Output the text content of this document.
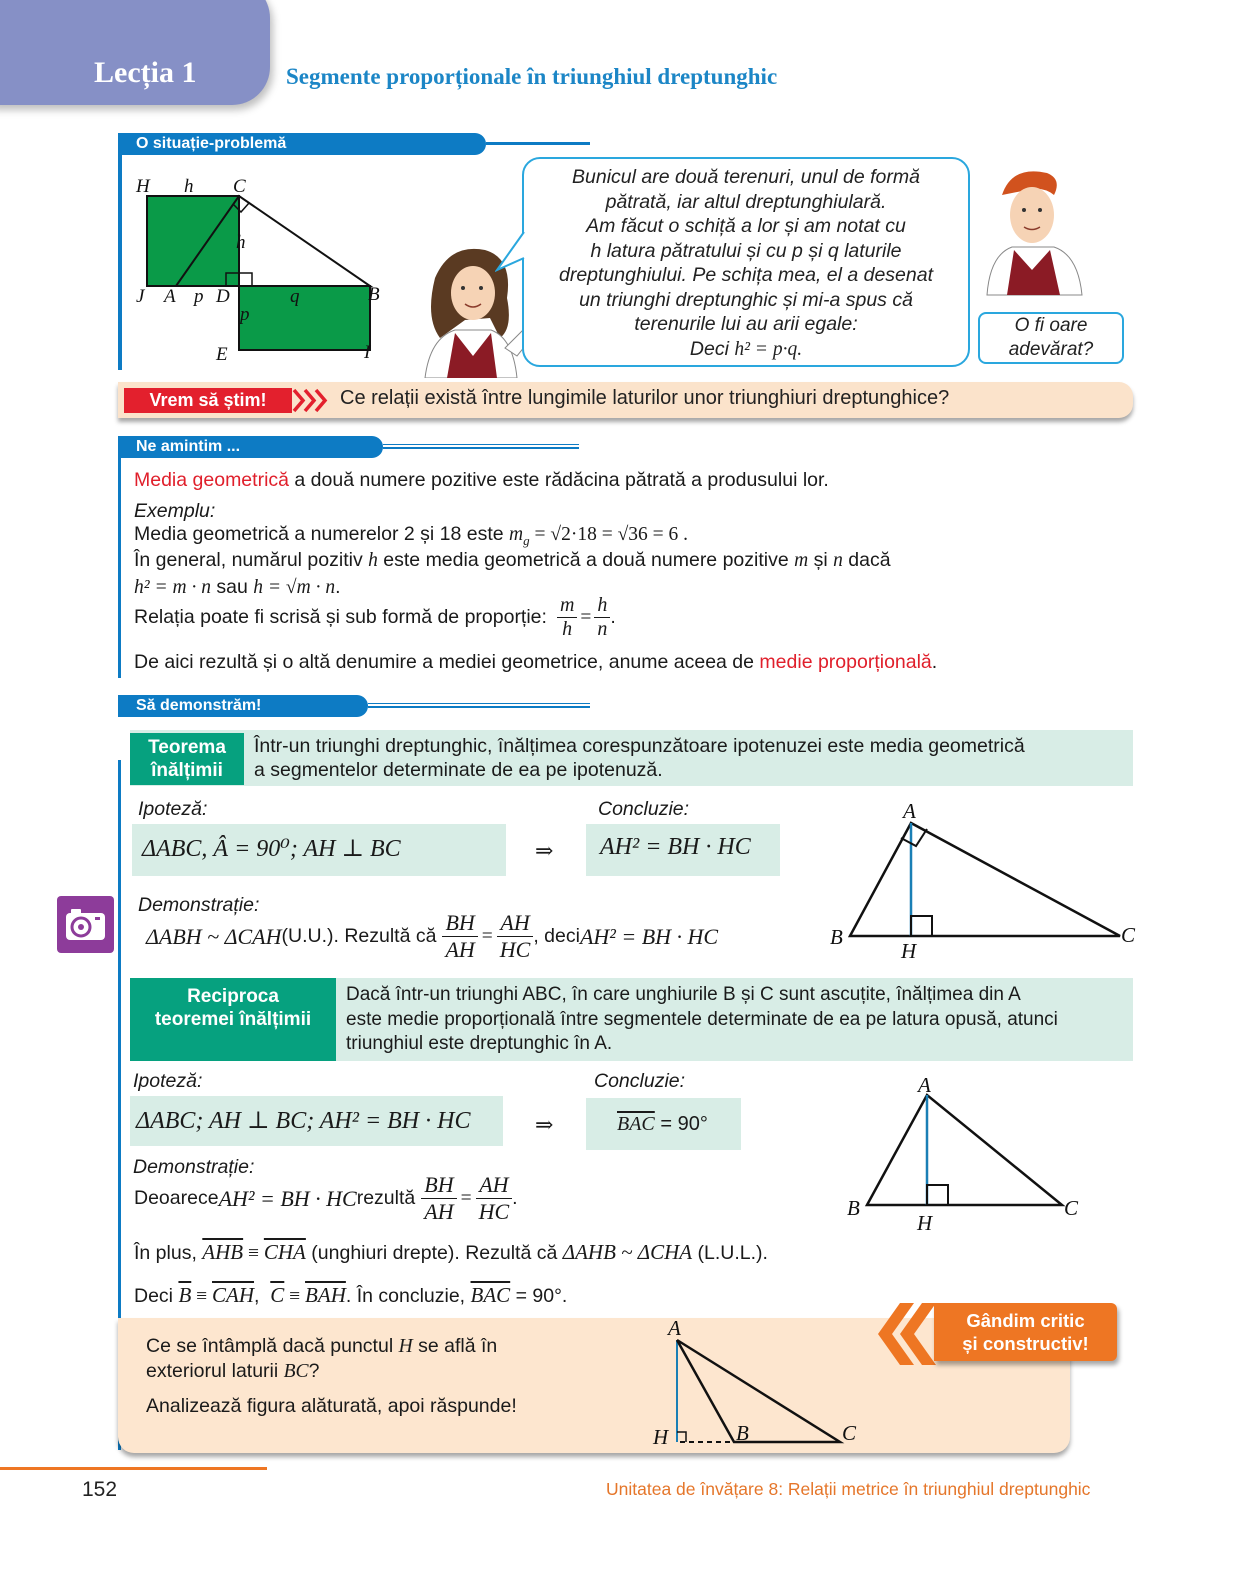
Lecția 1	Segmente proporționale în triunghiul dreptunghic
O situație-problemă
H h C
h
J A p D	q	B
p
E	I
Bunicul are două terenuri, unul de formă
pătrată, iar altul dreptunghiulară.
Am făcut o schiță a lor și am notat cu
h latura pătratului și cu p și q laturile
dreptunghiului. Pe schița mea, el a desenat
un triunghi dreptunghic și mi-a spus că
terenurile lui au arii egale:
Deci h² = p·q.
O fi oare
adevărat?
Vrem să știm!	Ce relații există între lungimile laturilor unor triunghiuri dreptunghice?
Ne amintim ...
Media geometrică a două numere pozitive este rădăcina pătrată a produsului lor.
Exemplu:
Media geometrică a numerelor 2 și 18 este $m_g = √2\cdot 18 = √36 = 6$ .
În general, numărul pozitiv h este media geometrică a două numere pozitive m și n dacă
h² = m · n sau h = √m · n.
Relația poate fi scrisă și sub formă de proporție: $\frac{m}{h} = \frac{h}{n}$ .
De aici rezultă și o altă denumire a mediei geometrice, anume aceea de medie proporțională.
Să demonstrăm!
Teorema
înălțimii
Într-un triunghi dreptunghic, înălțimea corespunzătoare ipotenuzei este media geometrică
a segmentelor determinate de ea pe ipotenuză.
Ipoteză:
ΔABC, Â = 90⁰; AH ⊥ BC	⇒
Concluzie:
AH² = BH · HC
Demonstrație:
ΔABH ~ ΔCAH (U.U.). Rezultă că $\frac{BH}{AH} = \frac{AH}{HC}$ , deci AH² = BH · HC
A
B	C
H
Reciproca
teoremei înălțimii
Dacă într-un triunghi ABC, în care unghiurile B și C sunt ascuțite, înălțimea din A
este medie proporțională între segmentele determinate de ea pe latura opusă, atunci
triunghiul este dreptunghic în A.
Ipoteză:
ΔABC; AH ⊥ BC; AH² = BH · HC	⇒
Concluzie:
$\overline{BAC} = 90^\circ$
Demonstrație:
Deoarece AH² = BH · HC rezultă $\frac{BH}{AH} = \frac{AH}{HC}$ .
În plus, $\overline{AHB} \equiv \overline{CHA}$ (unghiuri drepte). Rezultă că ΔAHB ~ ΔCHA (L.U.L.).
Deci $\overline{B} \equiv \overline{CAH}$,  $\overline{C} \equiv \overline{BAH}$. În concluzie, $\overline{BAC} = 90^\circ$.
A
B	C
H
Ce se întâmplă dacă punctul H se află în
exteriorul laturii BC?
Analizează figura alăturată, apoi răspunde!
A
H	B	C
Gândim critic
și constructiv!
152	Unitatea de învățare 8: Relații metrice în triunghiul dreptunghic
